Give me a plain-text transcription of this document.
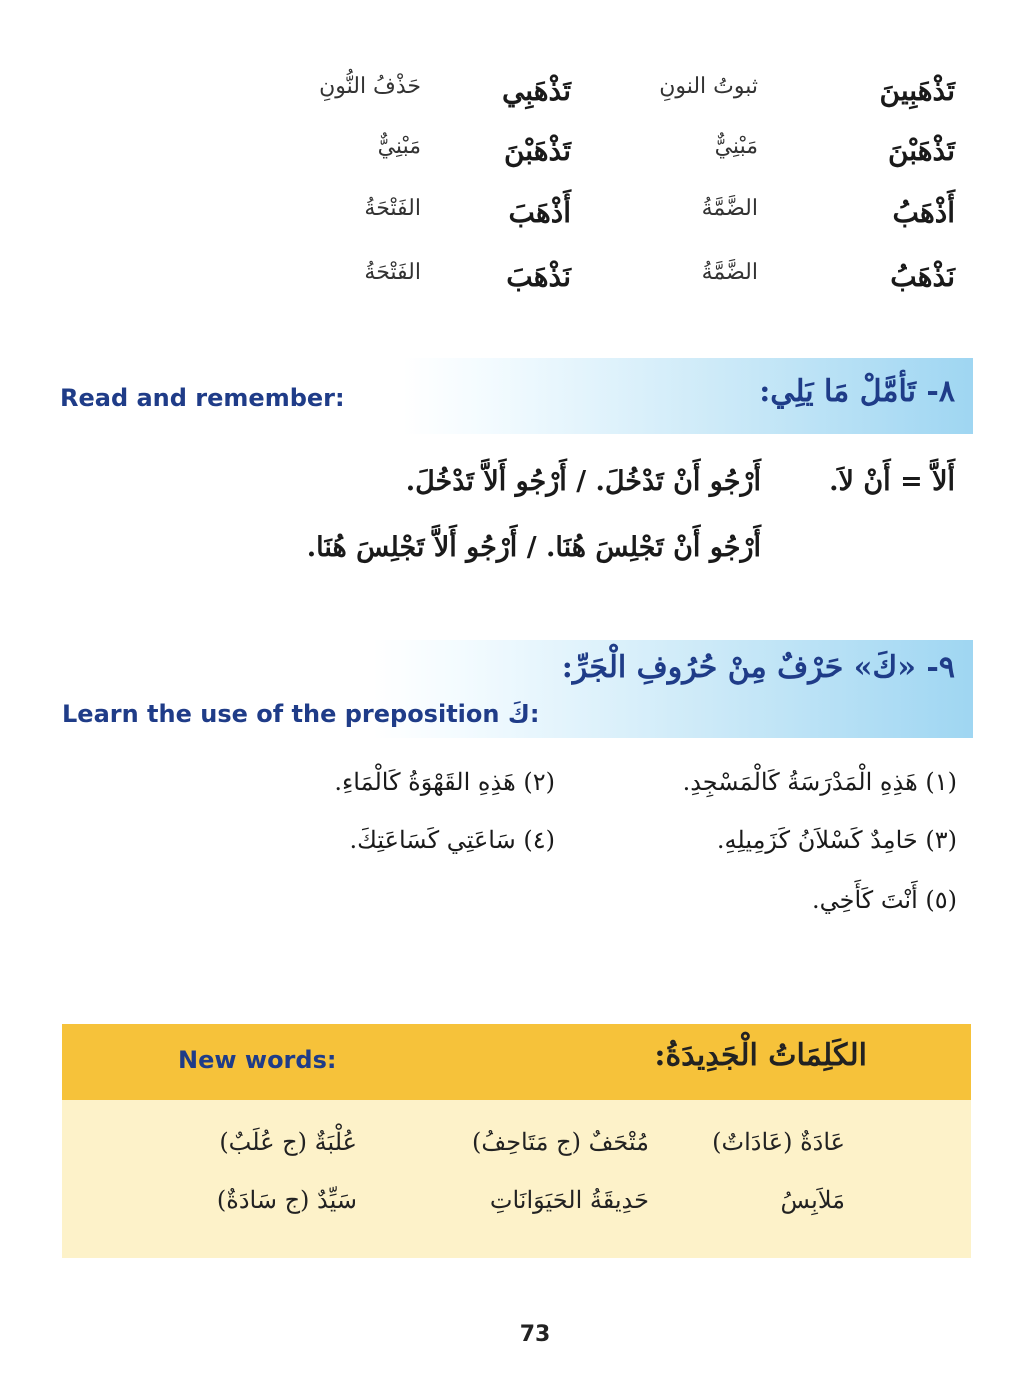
تَذْهَبِينَ
ثبوتُ النونِ
تَذْهَبِي
حَذْفُ النُّونِ
تَذْهَبْنَ
مَبْنِيٌّ
تَذْهَبْنَ
مَبْنِيٌّ
أَذْهَبُ
الضَّمَّةُ
أَذْهَبَ
الفَتْحَةُ
نَذْهَبُ
الضَّمَّةُ
نَذْهَبَ
الفَتْحَةُ
٨- تَأمَّلْ مَا يَلِي:
Read and remember:
أَلاَّ = أَنْ لاَ.
أَرْجُو أَنْ تَدْخُلَ. / أَرْجُو أَلاَّ تَدْخُلَ.
أَرْجُو أَنْ تَجْلِسَ هُنَا. / أَرْجُو أَلاَّ تَجْلِسَ هُنَا.
٩- «كَ» حَرْفٌ مِنْ حُرُوفِ الْجَرِّ:
Learn the use of the preposition كَ:
(١) هَذِهِ الْمَدْرَسَةُ كَالْمَسْجِدِ.
(٢) هَذِهِ القَهْوَةُ كَالْمَاءِ.
(٣) حَامِدٌ كَسْلاَنُ كَزَمِيلِهِ.
(٤) سَاعَتِي كَسَاعَتِكَ.
(٥) أَنْتَ كَأَخِي.
الكَلِمَاتُ الْجَدِيدَةُ:
New words:
عَادَةٌ (عَادَاتٌ)
مُتْحَفٌ (ج مَتَاحِفُ)
عُلْبَةٌ (ج عُلَبٌ)
مَلاَبِسُ
حَدِيقَةُ الحَيَوَانَاتِ
سَيِّدٌ (ج سَادَةٌ)
73
